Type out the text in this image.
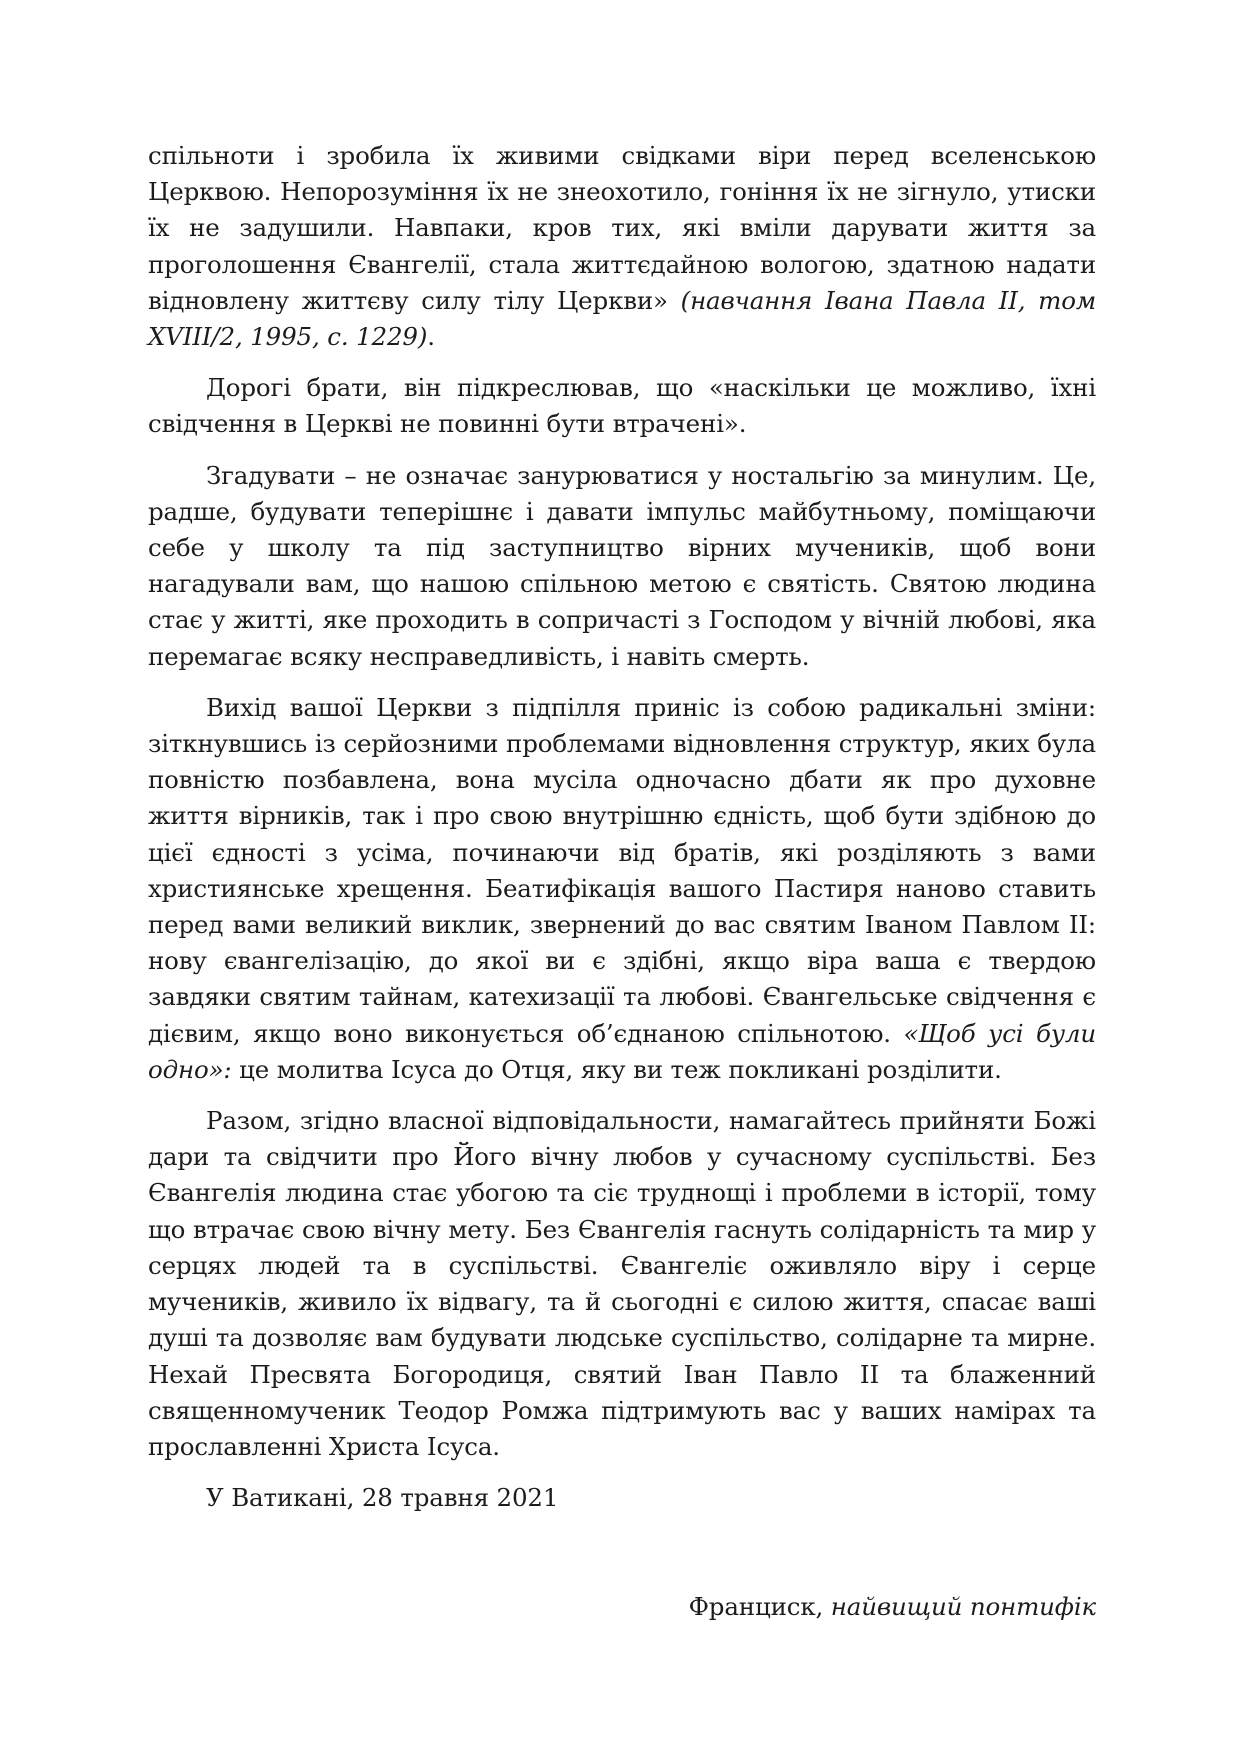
спільноти і зробила їх живими свідками віри перед вселенською Церквою. Непорозуміння їх не знеохотило, гоніння їх не зігнуло, утиски їх не задушили. Навпаки, кров тих, які вміли дарувати життя за проголошення Євангелії, стала життєдайною вологою, здатною надати відновлену життєву силу тілу Церкви» (навчання Івана Павла ІІ, том XVIII/2, 1995, с. 1229).

Дорогі брати, він підкреслював, що «наскільки це можливо, їхні свідчення в Церкві не повинні бути втрачені».

Згадувати – не означає занурюватися у ностальгію за минулим. Це, радше, будувати теперішнє і давати імпульс майбутньому, поміщаючи себе у школу та під заступництво вірних мучеників, щоб вони нагадували вам, що нашою спільною метою є святість. Святою людина стає у житті, яке проходить в сопричасті з Господом у вічній любові, яка перемагає всяку несправедливість, і навіть смерть.

Вихід вашої Церкви з підпілля приніс із собою радикальні зміни: зіткнувшись із серйозними проблемами відновлення структур, яких була повністю позбавлена, вона мусіла одночасно дбати як про духовне життя вірників, так і про свою внутрішню єдність, щоб бути здібною до цієї єдності з усіма, починаючи від братів, які розділяють з вами християнське хрещення. Беатифікація вашого Пастиря наново ставить перед вами великий виклик, звернений до вас святим Іваном Павлом ІІ: нову євангелізацію, до якої ви є здібні, якщо віра ваша є твердою завдяки святим тайнам, катехизації та любові. Євангельське свідчення є дієвим, якщо воно виконується об’єднаною спільнотою. «Щоб усі були одно»: це молитва Ісуса до Отця, яку ви теж покликані розділити.

Разом, згідно власної відповідальности, намагайтесь прийняти Божі дари та свідчити про Його вічну любов у сучасному суспільстві. Без Євангелія людина стає убогою та сіє труднощі і проблеми в історії, тому що втрачає свою вічну мету. Без Євангелія гаснуть солідарність та мир у серцях людей та в суспільстві. Євангеліє оживляло віру і серце мучеників, живило їх відвагу, та й сьогодні є силою життя, спасає ваші душі та дозволяє вам будувати людське суспільство, солідарне та мирне. Нехай Пресвята Богородиця, святий Іван Павло ІІ та блаженний священномученик Теодор Ромжа підтримують вас у ваших намірах та прославленні Христа Ісуса.

У Ватикані, 28 травня 2021

Франциск, найвищий понтифік
